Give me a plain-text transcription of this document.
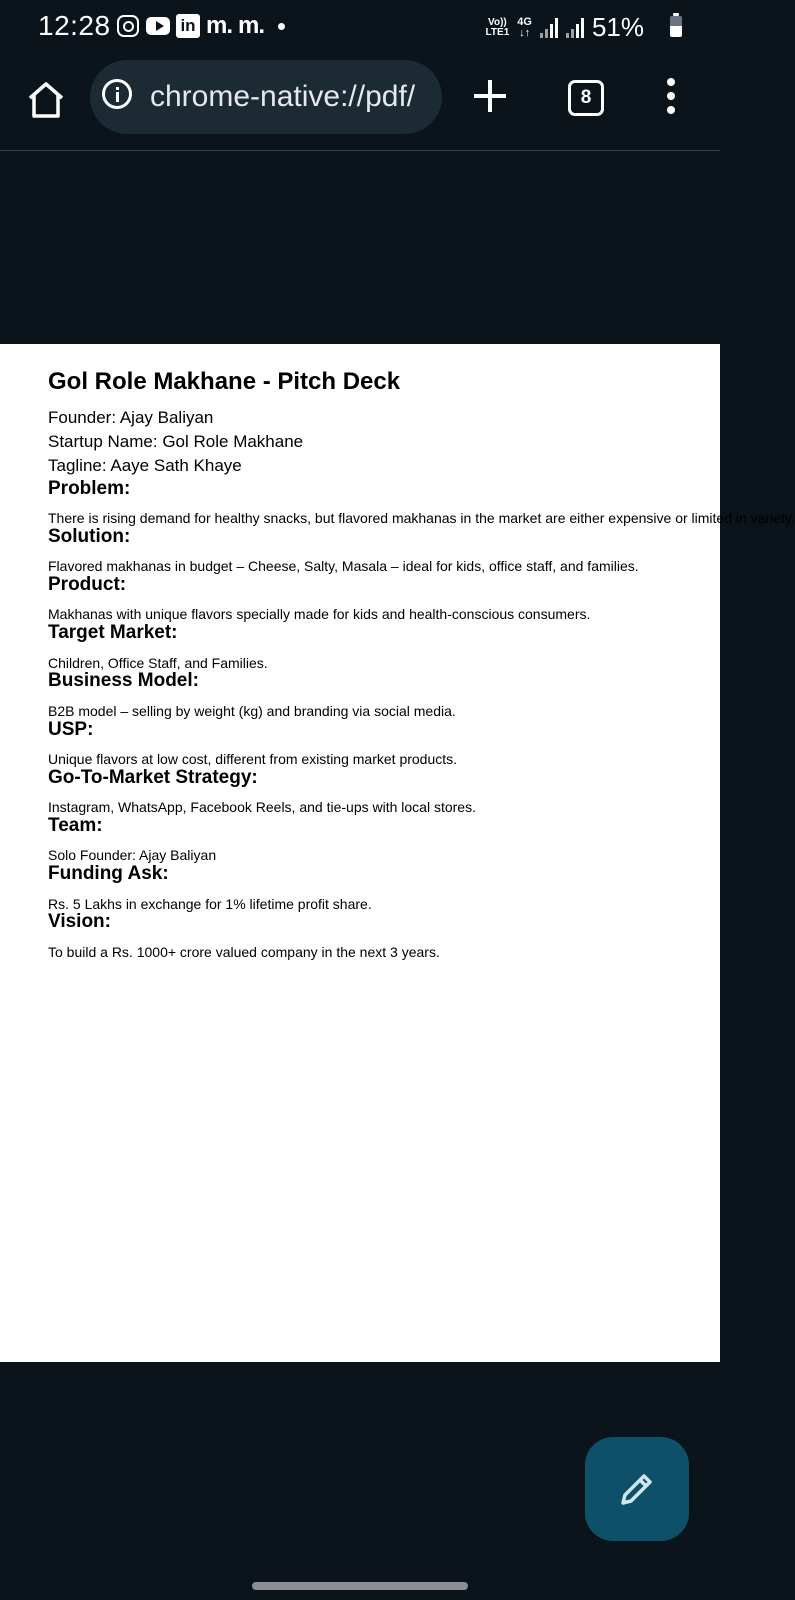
12:28	in m. m.	Vo))
LTE1
4G
↓↑ 51%
chrome-native://pdf/	8
Gol Role Makhane - Pitch Deck
Founder: Ajay Baliyan
Startup Name: Gol Role Makhane
Tagline: Aaye Sath Khaye
Problem:
There is rising demand for healthy snacks, but flavored makhanas in the market are either expensive or limited in variety.
Solution:
Flavored makhanas in budget – Cheese, Salty, Masala – ideal for kids, office staff, and families.
Product:
Makhanas with unique flavors specially made for kids and health-conscious consumers.
Target Market:
Children, Office Staff, and Families.
Business Model:
B2B model – selling by weight (kg) and branding via social media.
USP:
Unique flavors at low cost, different from existing market products.
Go-To-Market Strategy:
Instagram, WhatsApp, Facebook Reels, and tie-ups with local stores.
Team:
Solo Founder: Ajay Baliyan
Funding Ask:
Rs. 5 Lakhs in exchange for 1% lifetime profit share.
Vision:
To build a Rs. 1000+ crore valued company in the next 3 years.
